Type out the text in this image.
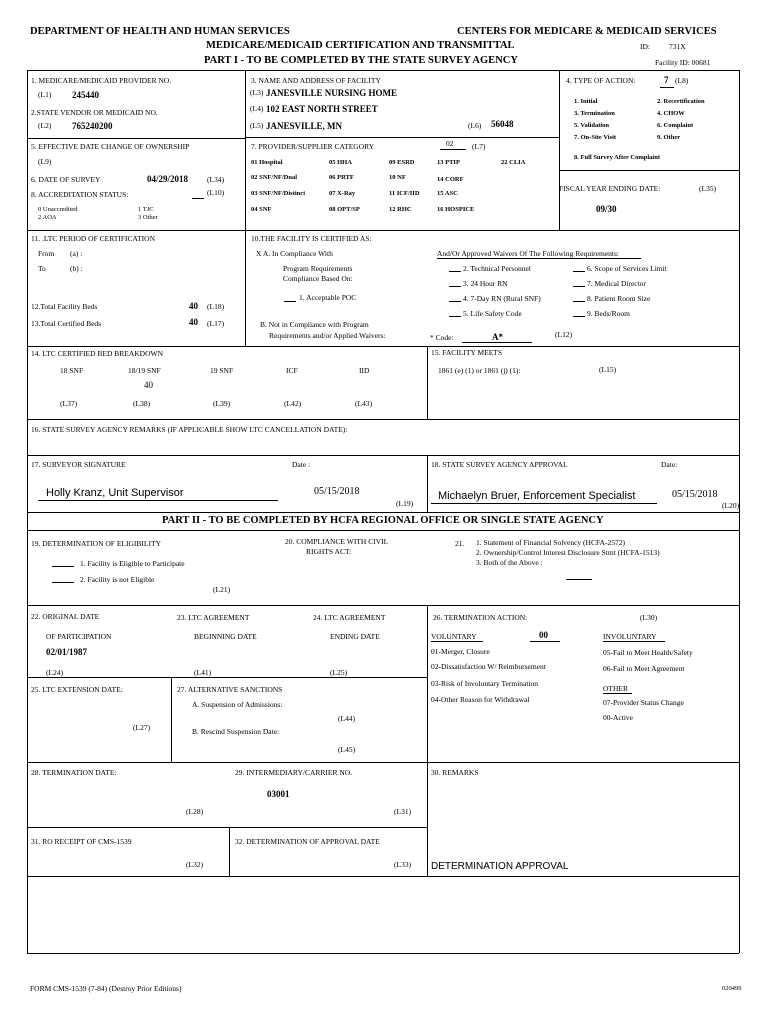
DEPARTMENT OF HEALTH AND HUMAN SERVICES	CENTERS FOR MEDICARE & MEDICAID SERVICES
MEDICARE/MEDICAID CERTIFICATION AND TRANSMITTAL
PART I - TO BE COMPLETED BY THE STATE SURVEY AGENCY
ID:	731X
Facility ID: 00681
1. MEDICARE/MEDICAID PROVIDER NO.
(L1) 245440
2.STATE VENDOR OR MEDICAID NO.
(L2) 765240200
3. NAME AND ADDRESS OF FACILITY
(L3) JANESVILLE NURSING HOME
(L4) 102 EAST NORTH STREET
(L5) JANESVILLE, MN	(L6) 56048
4. TYPE OF ACTION:	7 (L8)
1. Initial	2. Recertification
3. Termination	4. CHOW
5. Validation	6. Complaint
7. On-Site Visit	9. Other
8. Full Survey After Complaint
5. EFFECTIVE DATE CHANGE OF OWNERSHIP
(L9)
6. DATE OF SURVEY	04/29/2018	(L34)
8. ACCREDITATION STATUS:	(L10)
0 Unaccredited	1 TJC
2 AOA	3 Other
7. PROVIDER/SUPPLIER CATEGORY	02 (L7)
01 Hospital	05 HHA	09 ESRD	13 PTIP	22 CLIA
02 SNF/NF/Dual	06 PRTF	10 NF	14 CORF
03 SNF/NF/Distinct	07 X-Ray	11 ICF/IID	15 ASC
04 SNF	08 OPT/SP	12 RHC	16 HOSPICE
FISCAL YEAR ENDING DATE:	(L35)
09/30
11. .LTC PERIOD OF CERTIFICATION
From (a) :
To	(b) :
12.Total Facility Beds	40 (L18)
13.Total Certified Beds	40 (L17)
10.THE FACILITY IS CERTIFIED AS:
X A. In Compliance With
Program Requirements
Compliance Based On:
1. Acceptable POC
B. Not in Compliance with Program
Requirements and/or Applied Waivers:
And/Or Approved Waivers Of The Following Requirements:
2. Technical Personnel
3. 24 Hour RN
4. 7-Day RN (Rural SNF)
5. Life Safety Code
6. Scope of Services Limit
7. Medical Director
8. Patient Room Size
9. Beds/Room
* Code:	A*	(L12)
14. LTC CERTIFIED BED BREAKDOWN
18 SNF	18/19 SNF	19 SNF	ICF	IID
40
(L37)	(L38)	(L39)	(L42)	(L43)
15. FACILITY MEETS
1861 (e) (1) or 1861 (j) (1):	(L15)
16. STATE SURVEY AGENCY REMARKS (IF APPLICABLE SHOW LTC CANCELLATION DATE):
17. SURVEYOR SIGNATURE	Date :
Holly Kranz, Unit Supervisor	05/15/2018
(L19)
18. STATE SURVEY AGENCY APPROVAL	Date:
Michaelyn Bruer, Enforcement Specialist	05/15/2018
(L20)
PART II - TO BE COMPLETED BY HCFA REGIONAL OFFICE OR SINGLE STATE AGENCY
19. DETERMINATION OF ELIGIBILITY
1. Facility is Eligible to Participate
2. Facility is not Eligible
(L21)
20. COMPLIANCE WITH CIVIL
RIGHTS ACT:
21. 1. Statement of Financial Solvency (HCFA-2572)
2. Ownership/Control Interest Disclosure Stmt (HCFA-1513)
3. Both of the Above :
22. ORIGINAL DATE
OF PARTICIPATION
02/01/1987
(L24)
23. LTC AGREEMENT
BEGINNING DATE
(L41)
24. LTC AGREEMENT
ENDING DATE
(L25)
25. LTC EXTENSION DATE:
(L27)
27. ALTERNATIVE SANCTIONS
A. Suspension of Admissions:
(L44)
B. Rescind Suspension Date:
(L45)
26. TERMINATION ACTION:	(L30)
VOLUNTARY	00	INVOLUNTARY
01-Merger, Closure
02-Dissatisfaction W/ Reimbursement
03-Risk of Involuntary Termination
04-Other Reason for Withdrawal
05-Fail to Meet Health/Safety
06-Fail to Meet Agreement
OTHER
07-Provider Status Change
00-Active
28. TERMINATION DATE:
(L28)
29. INTERMEDIARY/CARRIER NO.
03001
(L31)
30. REMARKS
31. RO RECEIPT OF CMS-1539
(L32)
32. DETERMINATION OF APPROVAL DATE
(L33) DETERMINATION APPROVAL
FORM CMS-1539 (7-84) (Destroy Prior Editions)	020499
